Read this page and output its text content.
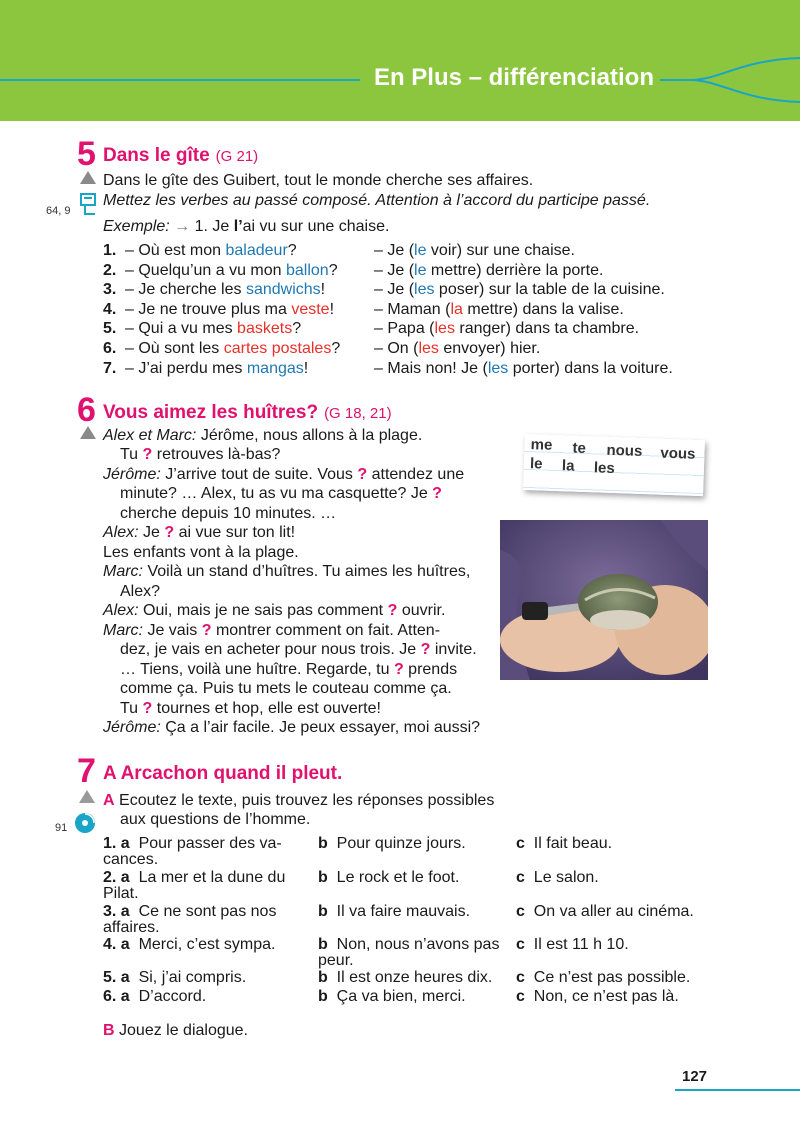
En Plus – différenciation
5 Dans le gîte (G 21)
Dans le gîte des Guibert, tout le monde cherche ses affaires.
64, 9
Mettez les verbes au passé composé. Attention à l’accord du participe passé.
Exemple: → 1. Je l’ai vu sur une chaise.
1. – Où est mon baladeur?	– Je (le voir) sur une chaise.
2. – Quelqu’un a vu mon ballon? – Je (le mettre) derrière la porte.
3. – Je cherche les sandwichs!	– Je (les poser) sur la table de la cuisine.
4. – Je ne trouve plus ma veste! – Maman (la mettre) dans la valise.
5. – Qui a vu mes baskets?	– Papa (les ranger) dans ta chambre.
6. – Où sont les cartes postales? – On (les envoyer) hier.
7. – J’ai perdu mes mangas!	– Mais non! Je (les porter) dans la voiture.
6 Vous aimez les huîtres? (G 18, 21)
me te nous vous
le la les
Alex et Marc: Jérôme, nous allons à la plage.
Tu ? retrouves là-bas?
Jérôme: J’arrive tout de suite. Vous ? attendez une
minute? … Alex, tu as vu ma casquette? Je ?
cherche depuis 10 minutes. …
Alex: Je ? ai vue sur ton lit!
Les enfants vont à la plage.
Marc: Voilà un stand d’huîtres. Tu aimes les huîtres,
Alex?
Alex: Oui, mais je ne sais pas comment ? ouvrir.
Marc: Je vais ? montrer comment on fait. Atten-
dez, je vais en acheter pour nous trois. Je ? invite.
… Tiens, voilà une huître. Regarde, tu ? prends
comme ça. Puis tu mets le couteau comme ça.
Tu ? tournes et hop, elle est ouverte!
Jérôme: Ça a l’air facile. Je peux essayer, moi aussi?
7 A Arcachon quand il pleut.
A Ecoutez le texte, puis trouvez les réponses possibles
aux questions de l’homme.
91
1. a Pour passer des va-
cances.
b Pour quinze jours.	c Il fait beau.
2. a La mer et la dune du
Pilat.
b Le rock et le foot.	c Le salon.
3. a Ce ne sont pas nos
affaires.
b Il va faire mauvais.	c On va aller au cinéma.
4. a Merci, c’est sympa.	b Non, nous n’avons pas
peur.
c Il est 11 h 10.
5. a Si, j’ai compris.	b Il est onze heures dix. c Ce n’est pas possible.
6. a D’accord.	b Ça va bien, merci.	c Non, ce n’est pas là.
B Jouez le dialogue.
127
